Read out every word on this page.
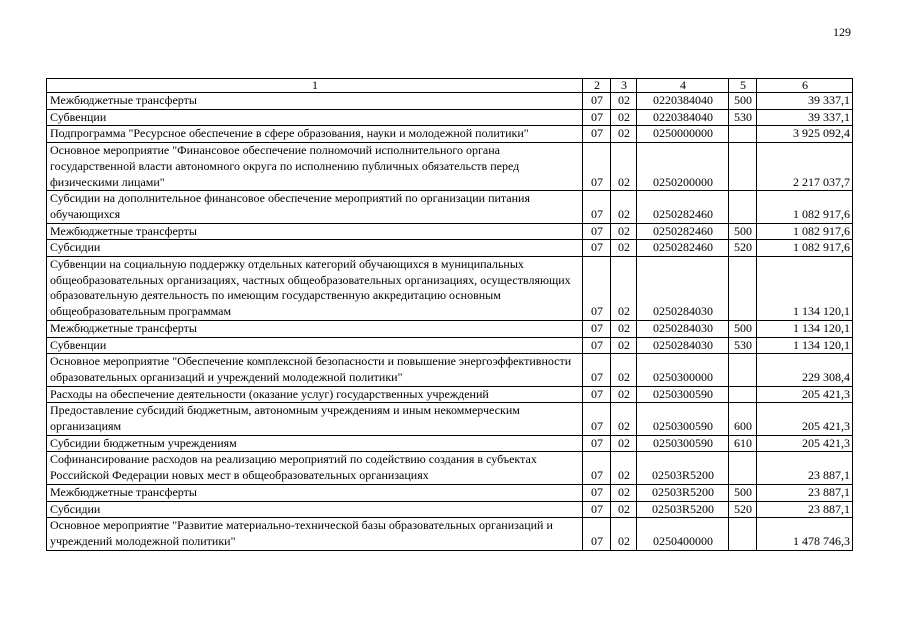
129
1	2	3	4	5	6
Межбюджетные трансферты	07	02	0220384040	500	39 337,1
Субвенции	07	02	0220384040	530	39 337,1
Подпрограмма "Ресурсное обеспечение в сфере образования, науки и молодежной политики"	07	02	0250000000		3 925 092,4
Основное мероприятие "Финансовое обеспечение полномочий исполнительного органа государственной власти автономного округа по исполнению публичных обязательств перед физическими лицами"	07	02	0250200000		2 217 037,7
Субсидии на дополнительное финансовое обеспечение мероприятий по организации питания обучающихся	07	02	0250282460		1 082 917,6
Межбюджетные трансферты	07	02	0250282460	500	1 082 917,6
Субсидии	07	02	0250282460	520	1 082 917,6
Субвенции на социальную поддержку отдельных категорий обучающихся в муниципальных общеобразовательных организациях, частных общеобразовательных организациях, осуществляющих образовательную деятельность по имеющим государственную аккредитацию основным общеобразовательным программам	07	02	0250284030		1 134 120,1
Межбюджетные трансферты	07	02	0250284030	500	1 134 120,1
Субвенции	07	02	0250284030	530	1 134 120,1
Основное мероприятие "Обеспечение комплексной безопасности и повышение энергоэффективности образовательных организаций и учреждений молодежной политики"	07	02	0250300000		229 308,4
Расходы на обеспечение деятельности (оказание услуг) государственных учреждений	07	02	0250300590		205 421,3
Предоставление субсидий бюджетным, автономным учреждениям и иным некоммерческим организациям	07	02	0250300590	600	205 421,3
Субсидии бюджетным учреждениям	07	02	0250300590	610	205 421,3
Софинансирование расходов на реализацию мероприятий по содействию создания в субъектах Российской Федерации новых мест в общеобразовательных организациях	07	02	02503R5200		23 887,1
Межбюджетные трансферты	07	02	02503R5200	500	23 887,1
Субсидии	07	02	02503R5200	520	23 887,1
Основное мероприятие "Развитие материально-технической базы образовательных организаций и учреждений молодежной политики"	07	02	0250400000		1 478 746,3
